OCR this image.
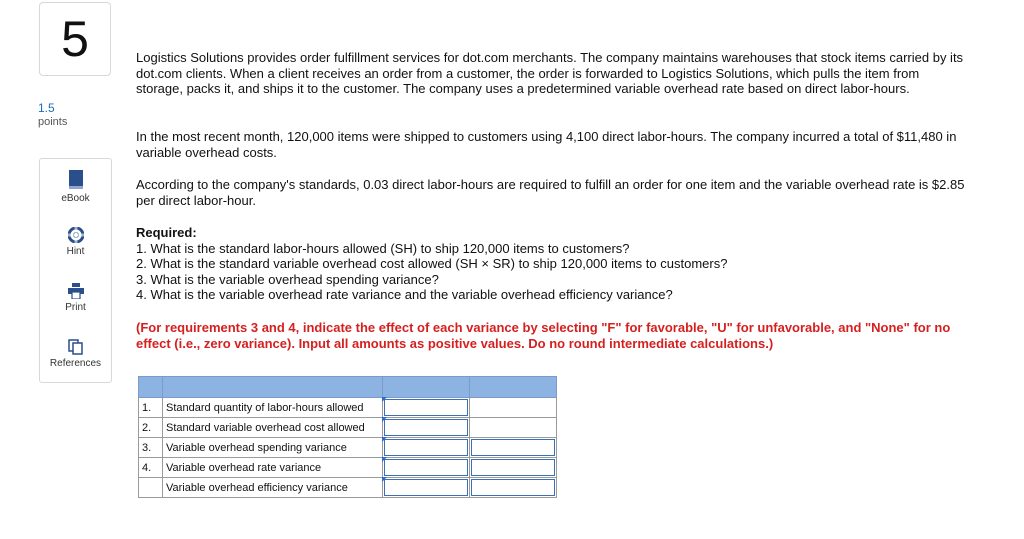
5
1.5
points
eBook
Hint
Print
References

Logistics Solutions provides order fulfillment services for dot.com merchants. The company maintains warehouses that stock items carried by its dot.com clients. When a client receives an order from a customer, the order is forwarded to Logistics Solutions, which pulls the item from storage, packs it, and ships it to the customer. The company uses a predetermined variable overhead rate based on direct labor-hours.

In the most recent month, 120,000 items were shipped to customers using 4,100 direct labor-hours. The company incurred a total of $11,480 in variable overhead costs.

According to the company's standards, 0.03 direct labor-hours are required to fulfill an order for one item and the variable overhead rate is $2.85 per direct labor-hour.

Required:
1. What is the standard labor-hours allowed (SH) to ship 120,000 items to customers?
2. What is the standard variable overhead cost allowed (SH × SR) to ship 120,000 items to customers?
3. What is the variable overhead spending variance?
4. What is the variable overhead rate variance and the variable overhead efficiency variance?

(For requirements 3 and 4, indicate the effect of each variance by selecting "F" for favorable, "U" for unfavorable, and "None" for no effect (i.e., zero variance). Input all amounts as positive values. Do no round intermediate calculations.)

1.	Standard quantity of labor-hours allowed	

2.	Standard variable overhead cost allowed	

3.	Variable overhead spending variance	

4.	Variable overhead rate variance	

	Variable overhead efficiency variance	
